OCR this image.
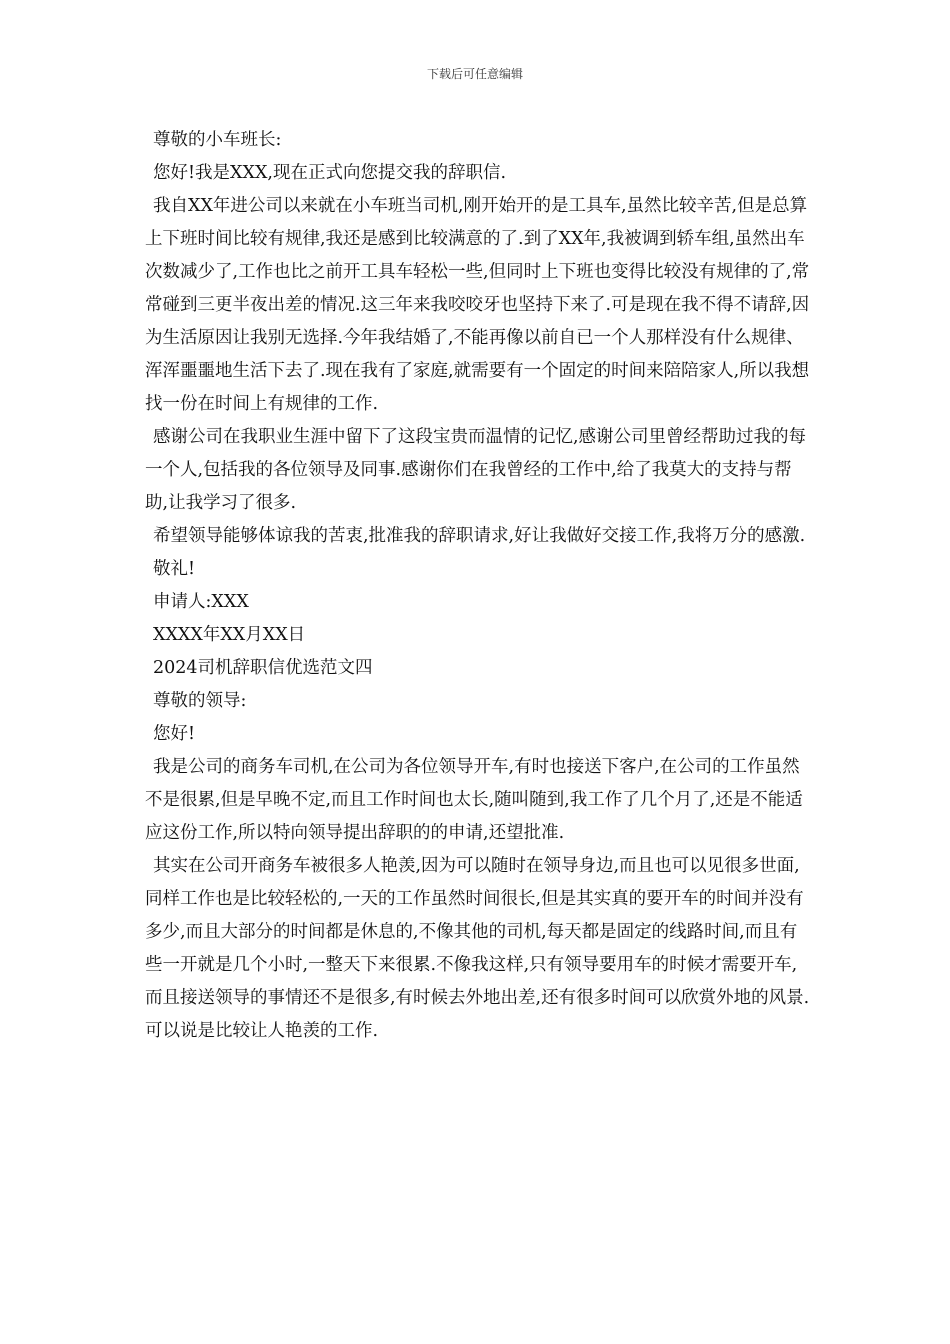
下载后可任意编辑

尊敬的小车班长:

您好!我是XXX,现在正式向您提交我的辞职信.

我自XX年进公司以来就在小车班当司机,刚开始开的是工具车,虽然比较辛苦,但是总算上下班时间比较有规律,我还是感到比较满意的了.到了XX年,我被调到轿车组,虽然出车次数减少了,工作也比之前开工具车轻松一些,但同时上下班也变得比较没有规律的了,常常碰到三更半夜出差的情况.这三年来我咬咬牙也坚持下来了.可是现在我不得不请辞,因为生活原因让我别无选择.今年我结婚了,不能再像以前自已一个人那样没有什么规律、浑浑噩噩地生活下去了.现在我有了家庭,就需要有一个固定的时间来陪陪家人,所以我想找一份在时间上有规律的工作.

感谢公司在我职业生涯中留下了这段宝贵而温情的记忆,感谢公司里曾经帮助过我的每一个人,包括我的各位领导及同事.感谢你们在我曾经的工作中,给了我莫大的支持与帮助,让我学习了很多.

希望领导能够体谅我的苦衷,批准我的辞职请求,好让我做好交接工作,我将万分的感激.

敬礼!

申请人:XXX

XXXX年XX月XX日

2024司机辞职信优选范文四

尊敬的领导:

您好!

我是公司的商务车司机,在公司为各位领导开车,有时也接送下客户,在公司的工作虽然不是很累,但是早晚不定,而且工作时间也太长,随叫随到,我工作了几个月了,还是不能适应这份工作,所以特向领导提出辞职的的申请,还望批准.

其实在公司开商务车被很多人艳羡,因为可以随时在领导身边,而且也可以见很多世面,同样工作也是比较轻松的,一天的工作虽然时间很长,但是其实真的要开车的时间并没有多少,而且大部分的时间都是休息的,不像其他的司机,每天都是固定的线路时间,而且有些一开就是几个小时,一整天下来很累.不像我这样,只有领导要用车的时候才需要开车,而且接送领导的事情还不是很多,有时候去外地出差,还有很多时间可以欣赏外地的风景.可以说是比较让人艳羡的工作.
